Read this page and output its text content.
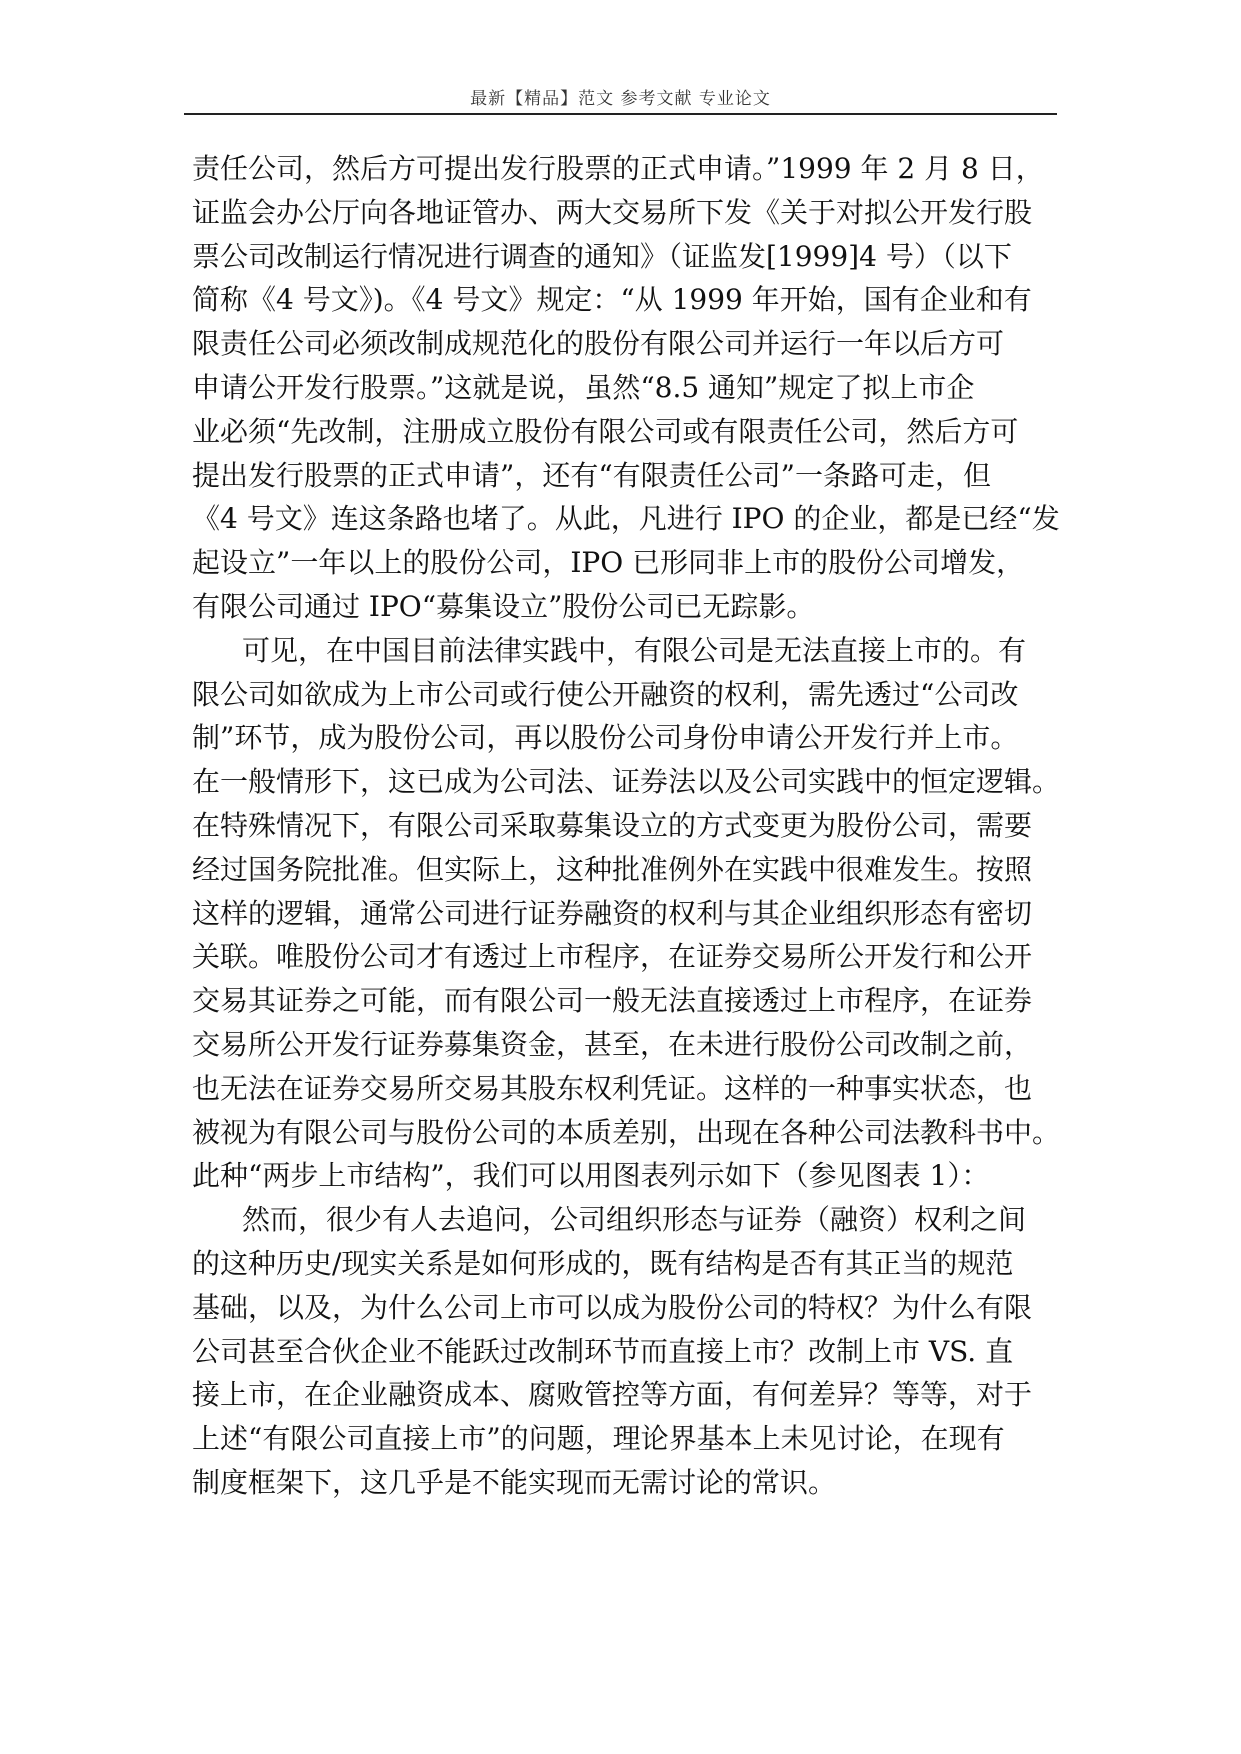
最新【精品】范文 参考文献 专业论文
责任公司，然后方可提出发行股票的正式申请。”1999 年 2 月 8 日，
证监会办公厅向各地证管办、两大交易所下发《关于对拟公开发行股
票公司改制运行情况进行调查的通知》（证监发[1999]4 号）（以下
简称《4 号文》)。《4 号文》规定：“从 1999 年开始，国有企业和有
限责任公司必须改制成规范化的股份有限公司并运行一年以后方可
申请公开发行股票。”这就是说，虽然“8.5 通知”规定了拟上市企
业必须“先改制，注册成立股份有限公司或有限责任公司，然后方可
提出发行股票的正式申请”，还有“有限责任公司”一条路可走，但
《4 号文》连这条路也堵了。从此，凡进行 IPO 的企业，都是已经“发
起设立”一年以上的股份公司，IPO 已形同非上市的股份公司增发，
有限公司通过 IPO“募集设立”股份公司已无踪影。
可见，在中国目前法律实践中，有限公司是无法直接上市的。有
限公司如欲成为上市公司或行使公开融资的权利，需先透过“公司改
制”环节，成为股份公司，再以股份公司身份申请公开发行并上市。
在一般情形下，这已成为公司法、证券法以及公司实践中的恒定逻辑。
在特殊情况下，有限公司采取募集设立的方式变更为股份公司，需要
经过国务院批准。但实际上，这种批准例外在实践中很难发生。按照
这样的逻辑，通常公司进行证券融资的权利与其企业组织形态有密切
关联。唯股份公司才有透过上市程序，在证券交易所公开发行和公开
交易其证券之可能，而有限公司一般无法直接透过上市程序，在证券
交易所公开发行证券募集资金，甚至，在未进行股份公司改制之前，
也无法在证券交易所交易其股东权利凭证。这样的一种事实状态，也
被视为有限公司与股份公司的本质差别，出现在各种公司法教科书中。
此种“两步上市结构”，我们可以用图表列示如下（参见图表 1）：
然而，很少有人去追问，公司组织形态与证券（融资）权利之间
的这种历史/现实关系是如何形成的，既有结构是否有其正当的规范
基础，以及，为什么公司上市可以成为股份公司的特权？为什么有限
公司甚至合伙企业不能跃过改制环节而直接上市？改制上市 VS. 直
接上市，在企业融资成本、腐败管控等方面，有何差异？等等，对于
上述“有限公司直接上市”的问题，理论界基本上未见讨论，在现有
制度框架下，这几乎是不能实现而无需讨论的常识。
